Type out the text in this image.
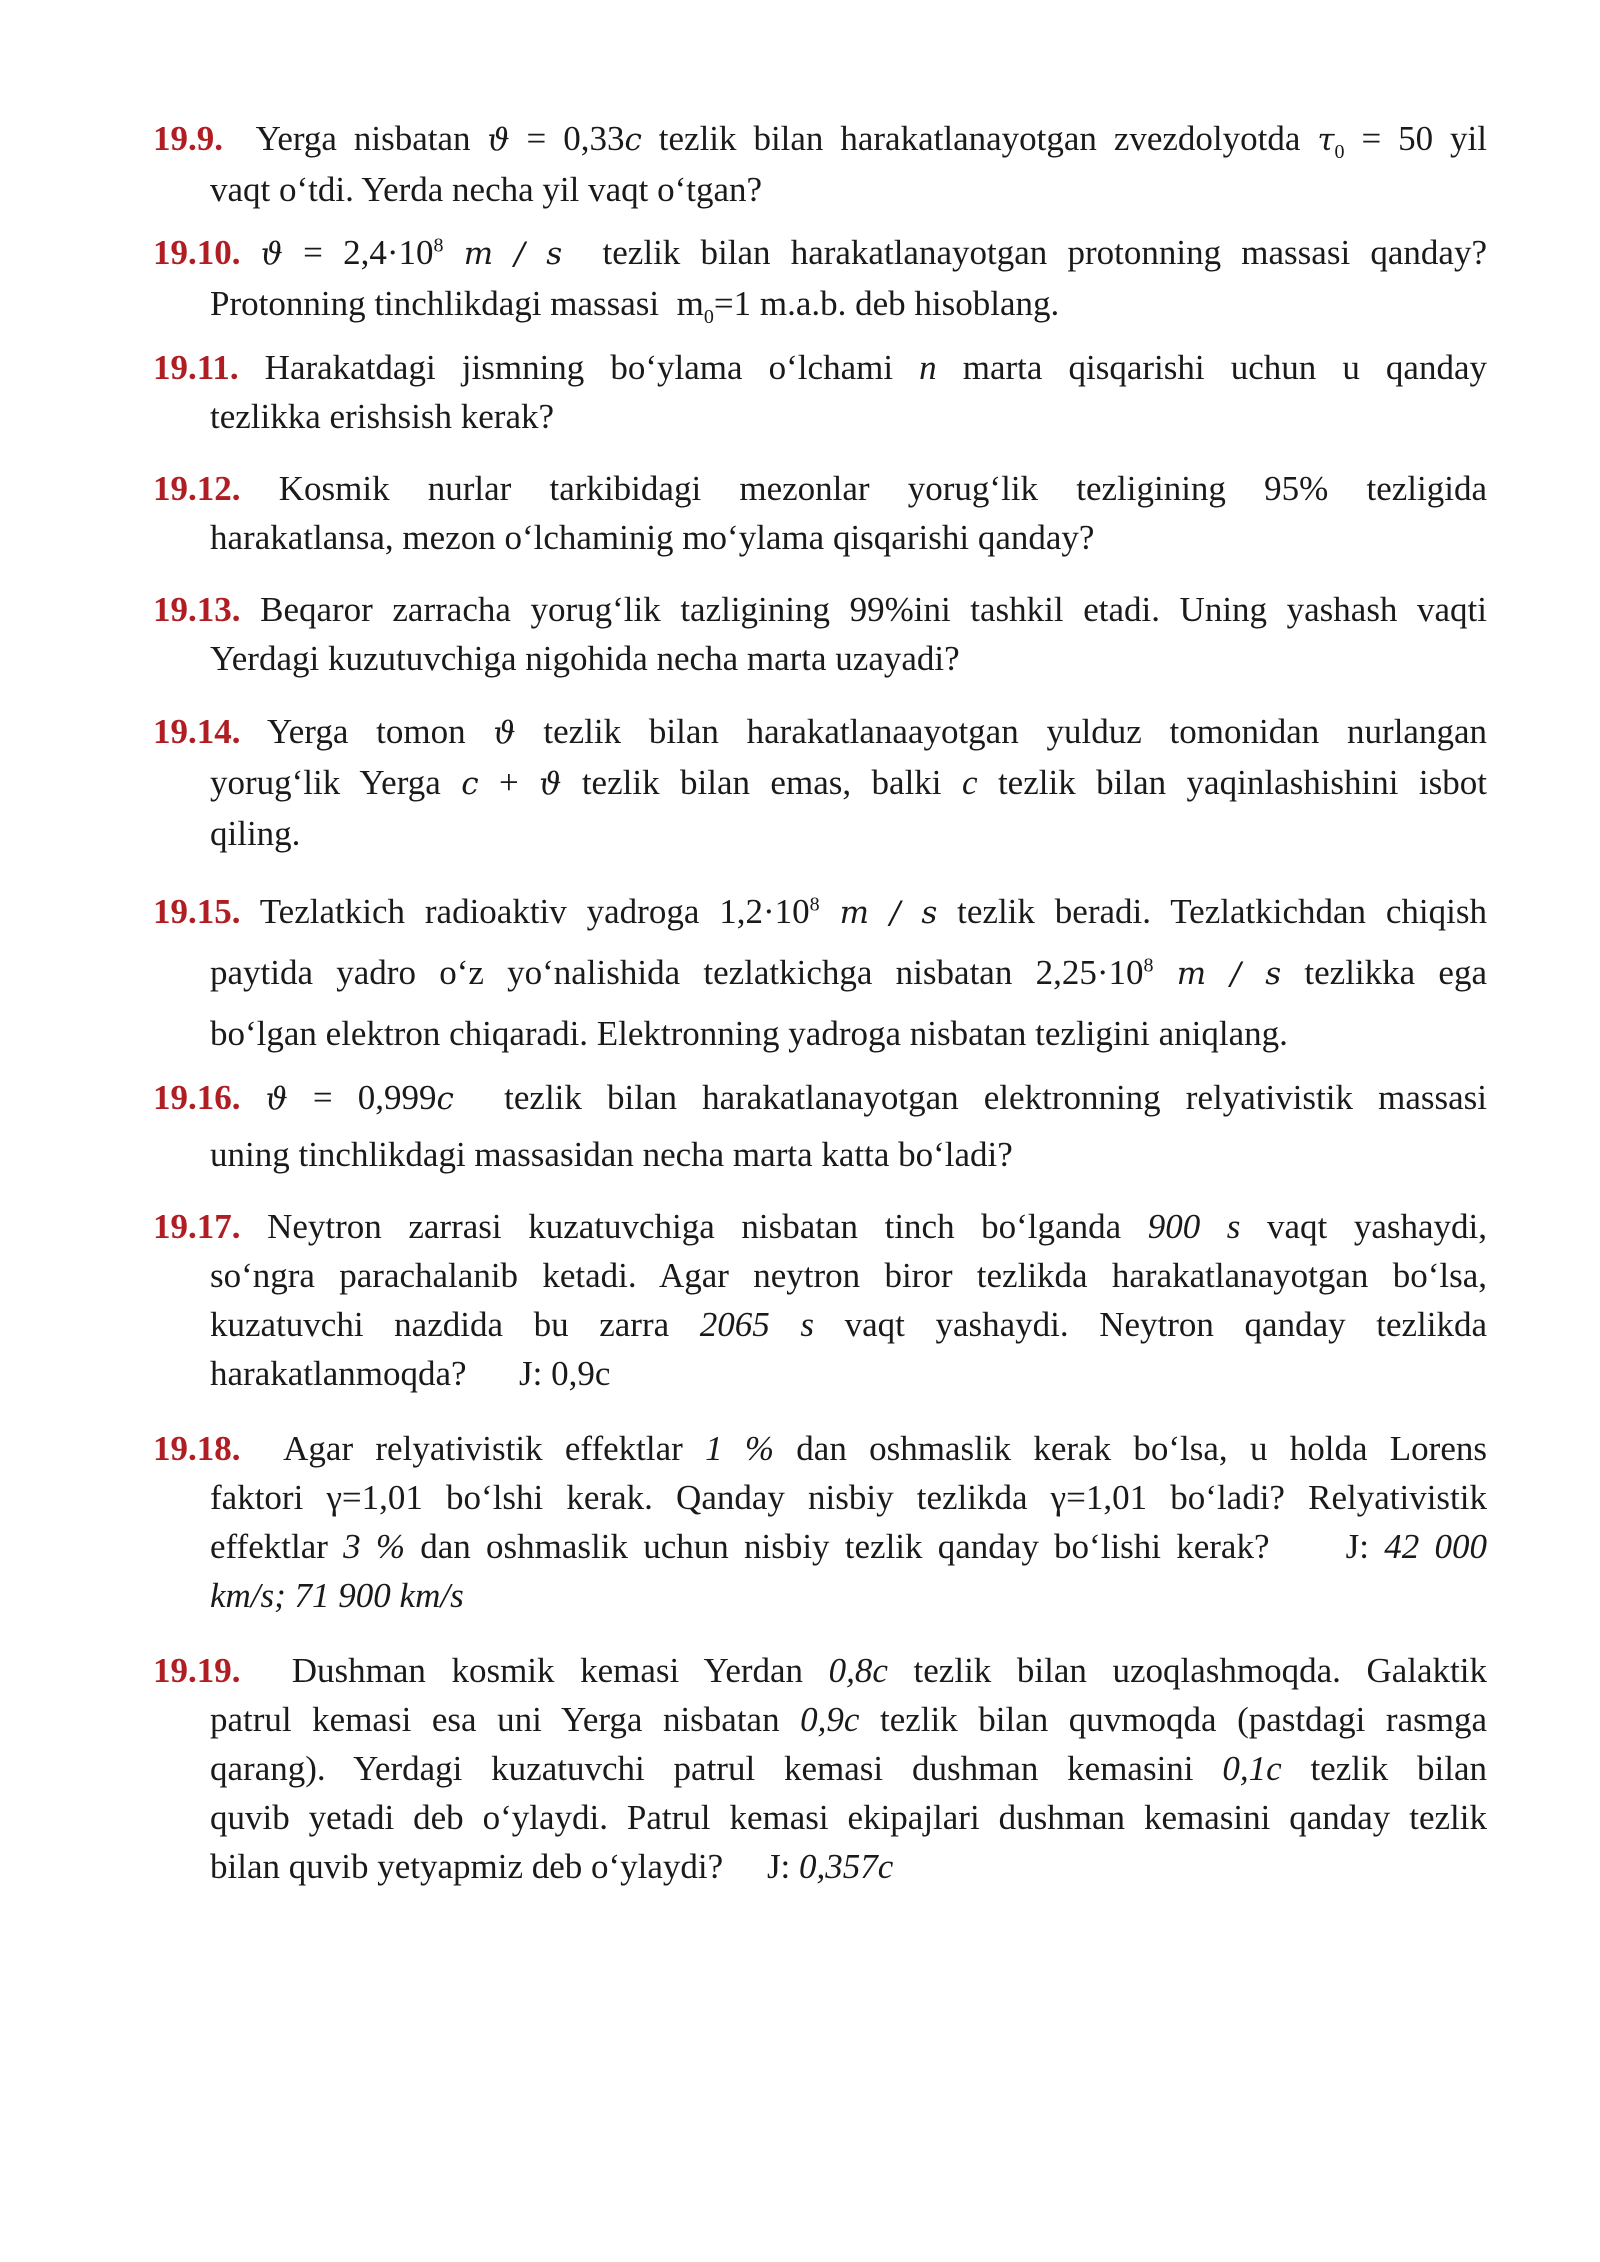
19.9.  Yerga nisbatan ϑ = 0,33c tezlik bilan harakatlanayotgan zvezdolyotda $\tau_0 = 50$ yil
vaqt o‘tdi. Yerda necha yil vaqt o‘tgan?
19.10. $ϑ = 2,4\cdot 10^8$ m / s  tezlik bilan harakatlanayotgan protonning massasi qanday?
Protonning tinchlikdagi massasi  $m_0=1$ m.a.b. deb hisoblang.
19.11. Harakatdagi jismning bo‘ylama o‘lchami n marta qisqarishi uchun u qanday
tezlikka erishsish kerak?
19.12. Kosmik nurlar tarkibidagi mezonlar yorug‘lik tezligining 95% tezligida
harakatlansa, mezon o‘lchaminig mo‘ylama qisqarishi qanday?
19.13. Beqaror zarracha yorug‘lik tazligining 99%ini tashkil etadi. Uning yashash vaqti
Yerdagi kuzutuvchiga nigohida necha marta uzayadi?
19.14. Yerga tomon ϑ tezlik bilan harakatlanaayotgan yulduz tomonidan nurlangan
yorug‘lik Yerga c + ϑ tezlik bilan emas, balki c tezlik bilan yaqinlashishini isbot
qiling.
19.15. Tezlatkich radioaktiv yadroga $1,2\cdot 10^8$ m / s tezlik beradi. Tezlatkichdan chiqish
paytida yadro o‘z yo‘nalishida tezlatkichga nisbatan $2,25\cdot 10^8$ m / s tezlikka ega
bo‘lgan elektron chiqaradi. Elektronning yadroga nisbatan tezligini aniqlang.
19.16. ϑ = 0,999c  tezlik bilan harakatlanayotgan elektronning relyativistik massasi
uning tinchlikdagi massasidan necha marta katta bo‘ladi?
19.17. Neytron zarrasi kuzatuvchiga nisbatan tinch bo‘lganda 900 s vaqt yashaydi,
so‘ngra parachalanib ketadi. Agar neytron biror tezlikda harakatlanayotgan bo‘lsa,
kuzatuvchi nazdida bu zarra 2065 s vaqt yashaydi. Neytron qanday tezlikda
harakatlanmoqda?      J: 0,9c
19.18.  Agar relyativistik effektlar 1 % dan oshmaslik kerak bo‘lsa, u holda Lorens
faktori γ=1,01 bo‘lshi kerak. Qanday nisbiy tezlikda γ=1,01 bo‘ladi? Relyativistik
effektlar 3 % dan oshmaslik uchun nisbiy tezlik qanday bo‘lishi kerak?     J: 42 000
km/s; 71 900 km/s
19.19.  Dushman kosmik kemasi Yerdan 0,8c tezlik bilan uzoqlashmoqda. Galaktik
patrul kemasi esa uni Yerga nisbatan 0,9c tezlik bilan quvmoqda (pastdagi rasmga
qarang). Yerdagi kuzatuvchi patrul kemasi dushman kemasini 0,1c tezlik bilan
quvib yetadi deb o‘ylaydi. Patrul kemasi ekipajlari dushman kemasini qanday tezlik
bilan quvib yetyapmiz deb o‘ylaydi?     J: 0,357c
